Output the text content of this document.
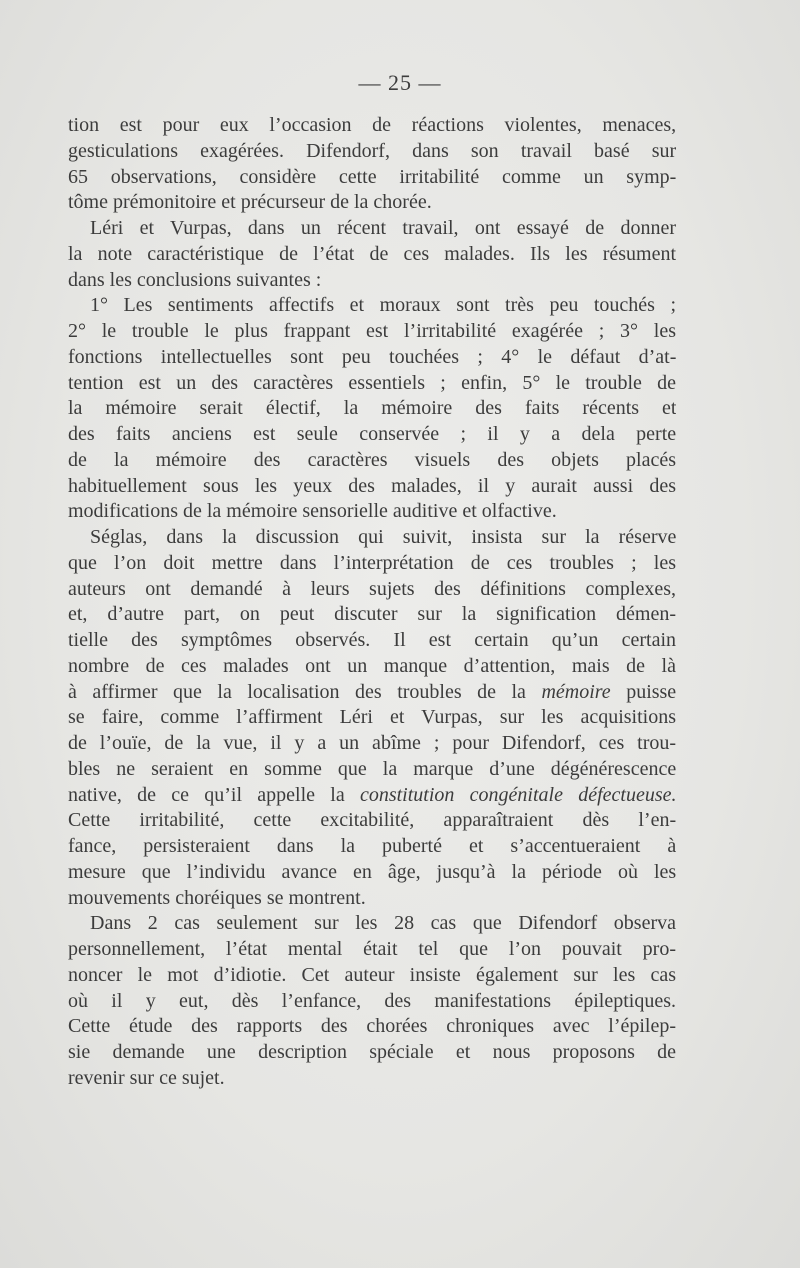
— 25 —
tion est pour eux l’occasion de réactions violentes, menaces,
gesticulations exagérées. Difendorf, dans son travail basé sur
65 observations, considère cette irritabilité comme un symp-
tôme prémonitoire et précurseur de la chorée.
Léri et Vurpas, dans un récent travail, ont essayé de donner
la note caractéristique de l’état de ces malades. Ils les résument
dans les conclusions suivantes :
1° Les sentiments affectifs et moraux sont très peu touchés ;
2° le trouble le plus frappant est l’irritabilité exagérée ; 3° les
fonctions intellectuelles sont peu touchées ; 4° le défaut d’at-
tention est un des caractères essentiels ; enfin, 5° le trouble de
la mémoire serait électif, la mémoire des faits récents et
des faits anciens est seule conservée ; il y a dela perte
de la mémoire des caractères visuels des objets placés
habituellement sous les yeux des malades, il y aurait aussi des
modifications de la mémoire sensorielle auditive et olfactive.
Séglas, dans la discussion qui suivit, insista sur la réserve
que l’on doit mettre dans l’interprétation de ces troubles ; les
auteurs ont demandé à leurs sujets des définitions complexes,
et, d’autre part, on peut discuter sur la signification démen-
tielle des symptômes observés. Il est certain qu’un certain
nombre de ces malades ont un manque d’attention, mais de là
à affirmer que la localisation des troubles de la mémoire puisse
se faire, comme l’affirment Léri et Vurpas, sur les acquisitions
de l’ouïe, de la vue, il y a un abîme ; pour Difendorf, ces trou-
bles ne seraient en somme que la marque d’une dégénérescence
native, de ce qu’il appelle la constitution congénitale défectueuse.
Cette irritabilité, cette excitabilité, apparaîtraient dès l’en-
fance, persisteraient dans la puberté et s’accentueraient à
mesure que l’individu avance en âge, jusqu’à la période où les
mouvements choréiques se montrent.
Dans 2 cas seulement sur les 28 cas que Difendorf observa
personnellement, l’état mental était tel que l’on pouvait pro-
noncer le mot d’idiotie. Cet auteur insiste également sur les cas
où il y eut, dès l’enfance, des manifestations épileptiques.
Cette étude des rapports des chorées chroniques avec l’épilep-
sie demande une description spéciale et nous proposons de
revenir sur ce sujet.
